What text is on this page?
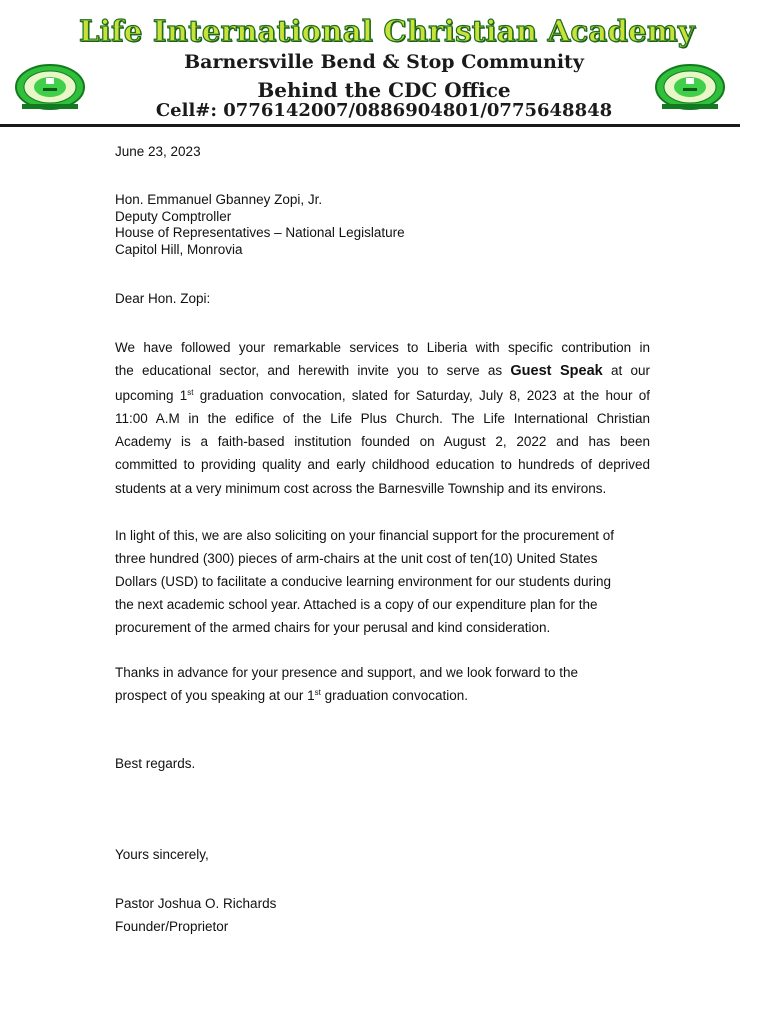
Life International Christian Academy
Barnersville Bend & Stop Community
Behind the CDC Office
Cell#: 0776142007/0886904801/0775648848
June 23, 2023
Hon. Emmanuel Gbanney Zopi, Jr.
Deputy Comptroller
House of Representatives – National Legislature
Capitol Hill, Monrovia
Dear Hon. Zopi:
We have followed your remarkable services to Liberia with specific contribution in
the educational sector, and herewith invite you to serve as Guest Speak at our
upcoming 1st graduation convocation, slated for Saturday, July 8, 2023 at the hour of
11:00 A.M in the edifice of the Life Plus Church. The Life International Christian
Academy is a faith-based institution founded on August 2, 2022 and has been
committed to providing quality and early childhood education to hundreds of deprived
students at a very minimum cost across the Barnesville Township and its environs.
In light of this, we are also soliciting on your financial support for the procurement of
three hundred (300) pieces of arm-chairs at the unit cost of ten(10) United States
Dollars (USD) to facilitate a conducive learning environment for our students during
the next academic school year. Attached is a copy of our expenditure plan for the
procurement of the armed chairs for your perusal and kind consideration.
Thanks in advance for your presence and support, and we look forward to the
prospect of you speaking at our 1st graduation convocation.
Best regards.
Yours sincerely,
Pastor Joshua O. Richards
Founder/Proprietor
